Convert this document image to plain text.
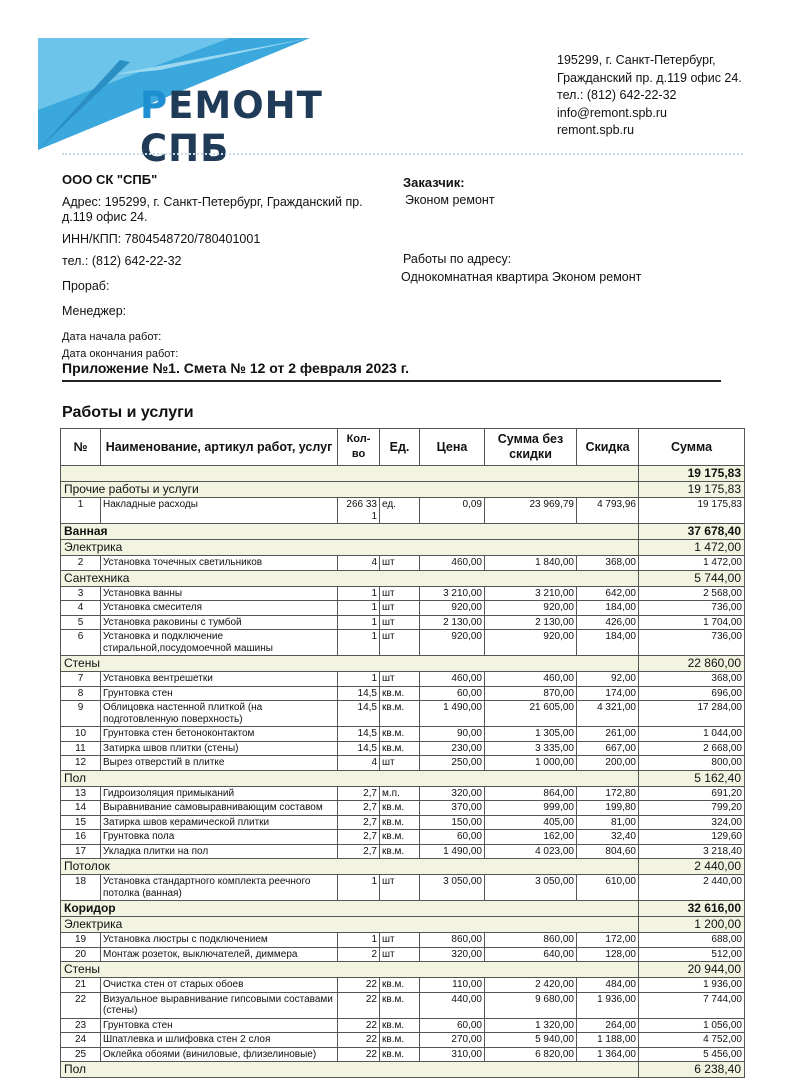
РЕМОНТ СПБ
195299, г. Санкт-Петербург,
Гражданский пр. д.119 офис 24.
тел.: (812) 642-22-32
info@remont.spb.ru
remont.spb.ru
ООО СК "СПБ"
Адрес: 195299, г. Санкт-Петербург, Гражданский пр. д.119 офис 24.
ИНН/КПП: 7804548720/780401001
тел.: (812) 642-22-32
Прораб:
Менеджер:
Дата начала работ:
Дата окончания работ:
Заказчик:
Эконом ремонт
Работы по адресу:
Однокомнатная квартира Эконом ремонт
Приложение №1. Смета № 12 от 2 февраля 2023 г.
Работы и услуги
№	Наименование, артикул работ, услуг	Кол-во	Ед.	Цена	Сумма без скидки	Скидка	Сумма
							19 175,83
Прочие работы и услуги							19 175,83
1	Накладные расходы	266 33 1	ед.	0,09	23 969,79	4 793,96	19 175,83
Ванная							37 678,40
Электрика							1 472,00
2	Установка точечных светильников	4	шт	460,00	1 840,00	368,00	1 472,00
Сантехника							5 744,00
3	Установка ванны	1	шт	3 210,00	3 210,00	642,00	2 568,00
4	Установка смесителя	1	шт	920,00	920,00	184,00	736,00
5	Установка раковины с тумбой	1	шт	2 130,00	2 130,00	426,00	1 704,00
6	Установка и подключение стиральной,посудомоечной машины	1	шт	920,00	920,00	184,00	736,00
Стены							22 860,00
7	Установка вентрешетки	1	шт	460,00	460,00	92,00	368,00
8	Грунтовка стен	14,5	кв.м.	60,00	870,00	174,00	696,00
9	Облицовка настенной плиткой (на подготовленную поверхность)	14,5	кв.м.	1 490,00	21 605,00	4 321,00	17 284,00
10	Грунтовка стен бетоноконтактом	14,5	кв.м.	90,00	1 305,00	261,00	1 044,00
11	Затирка швов плитки (стены)	14,5	кв.м.	230,00	3 335,00	667,00	2 668,00
12	Вырез отверстий в плитке	4	шт	250,00	1 000,00	200,00	800,00
Пол							5 162,40
13	Гидроизоляция примыканий	2,7	м.п.	320,00	864,00	172,80	691,20
14	Выравнивание самовыравнивающим составом	2,7	кв.м.	370,00	999,00	199,80	799,20
15	Затирка швов керамической плитки	2,7	кв.м.	150,00	405,00	81,00	324,00
16	Грунтовка пола	2,7	кв.м.	60,00	162,00	32,40	129,60
17	Укладка плитки на пол	2,7	кв.м.	1 490,00	4 023,00	804,60	3 218,40
Потолок							2 440,00
18	Установка стандартного комплекта реечного потолка (ванная)	1	шт	3 050,00	3 050,00	610,00	2 440,00
Коридор							32 616,00
Электрика							1 200,00
19	Установка люстры с подключением	1	шт	860,00	860,00	172,00	688,00
20	Монтаж розеток, выключателей, диммера	2	шт	320,00	640,00	128,00	512,00
Стены							20 944,00
21	Очистка стен от старых обоев	22	кв.м.	110,00	2 420,00	484,00	1 936,00
22	Визуальное выравнивание гипсовыми составами (стены)	22	кв.м.	440,00	9 680,00	1 936,00	7 744,00
23	Грунтовка стен	22	кв.м.	60,00	1 320,00	264,00	1 056,00
24	Шпатлевка и шлифовка стен 2 слоя	22	кв.м.	270,00	5 940,00	1 188,00	4 752,00
25	Оклейка обоями (виниловые, флизелиновые)	22	кв.м.	310,00	6 820,00	1 364,00	5 456,00
Пол							6 238,40
